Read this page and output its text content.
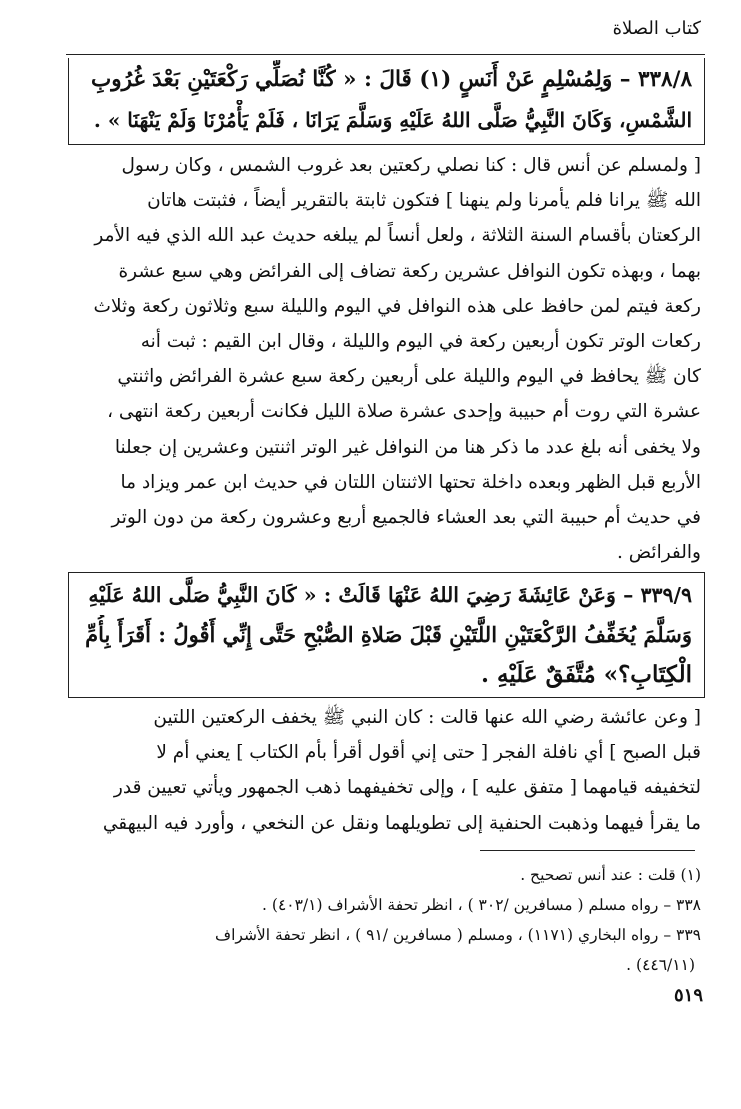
كتاب الصلاة
٣٣٨/٨ – وَلِمُسْلِمٍ عَنْ أَنَسٍ (١) قَالَ : « كُنَّا نُصَلِّي رَكْعَتَيْنِ بَعْدَ غُرُوبِ
الشَّمْسِ، وَكَانَ النَّبِيُّ صَلَّى اللهُ عَلَيْهِ وَسَلَّمَ يَرَانَا ، فَلَمْ يَأْمُرْنَا وَلَمْ يَنْهَنَا » .
[ ولمسلم عن أنس قال : كنا نصلي ركعتين بعد غروب الشمس ، وكان رسول
الله ﷺ يرانا فلم يأمرنا ولم ينهنا ] فتكون ثابتة بالتقرير أيضاً ، فثبتت هاتان
الركعتان بأقسام السنة الثلاثة ، ولعل أنساً لم يبلغه حديث عبد الله الذي فيه الأمر
بهما ، وبهذه تكون النوافل عشرين ركعة تضاف إلى الفرائض وهي سبع عشرة
ركعة فيتم لمن حافظ على هذه النوافل في اليوم والليلة سبع وثلاثون ركعة وثلاث
ركعات الوتر تكون أربعين ركعة في اليوم والليلة ، وقال ابن القيم : ثبت أنه
كان ﷺ يحافظ في اليوم والليلة على أربعين ركعة سبع عشرة الفرائض واثنتي
عشرة التي روت أم حبيبة وإحدى عشرة صلاة الليل فكانت أربعين ركعة انتهى ،
ولا يخفى أنه بلغ عدد ما ذكر هنا من النوافل غير الوتر اثنتين وعشرين إن جعلنا
الأربع قبل الظهر وبعده داخلة تحتها الاثنتان اللتان في حديث ابن عمر ويزاد ما
في حديث أم حبيبة التي بعد العشاء فالجميع أربع وعشرون ركعة من دون الوتر
والفرائض .
٣٣٩/٩ – وَعَنْ عَائِشَةَ رَضِيَ اللهُ عَنْهَا قَالَتْ : « كَانَ النَّبِيُّ صَلَّى اللهُ عَلَيْهِ
وَسَلَّمَ يُخَفِّفُ الرَّكْعَتَيْنِ اللَّتَيْنِ قَبْلَ صَلاةِ الصُّبْحِ حَتَّى إِنِّي أَقُولُ : أَقَرَأَ بِأُمِّ
الْكِتَابِ؟» مُتَّفَقٌ عَلَيْهِ .
[ وعن عائشة رضي الله عنها قالت : كان النبي ﷺ يخفف الركعتين اللتين
قبل الصبح ] أي نافلة الفجر [ حتى إني أقول أقرأ بأم الكتاب ] يعني أم لا
لتخفيفه قيامهما [ متفق عليه ] ، وإلى تخفيفهما ذهب الجمهور ويأتي تعيين قدر
ما يقرأ فيهما وذهبت الحنفية إلى تطويلهما ونقل عن النخعي ، وأورد فيه البيهقي
(١) قلت : عند أنس تصحيح .
٣٣٨ – رواه مسلم ( مسافرين /٣٠٢ ) ، انظر تحفة الأشراف (٤٠٣/١) .
٣٣٩ – رواه البخاري (١١٧١) ، ومسلم ( مسافرين /٩١ ) ، انظر تحفة الأشراف
(٤٤٦/١١) .
٥١٩
